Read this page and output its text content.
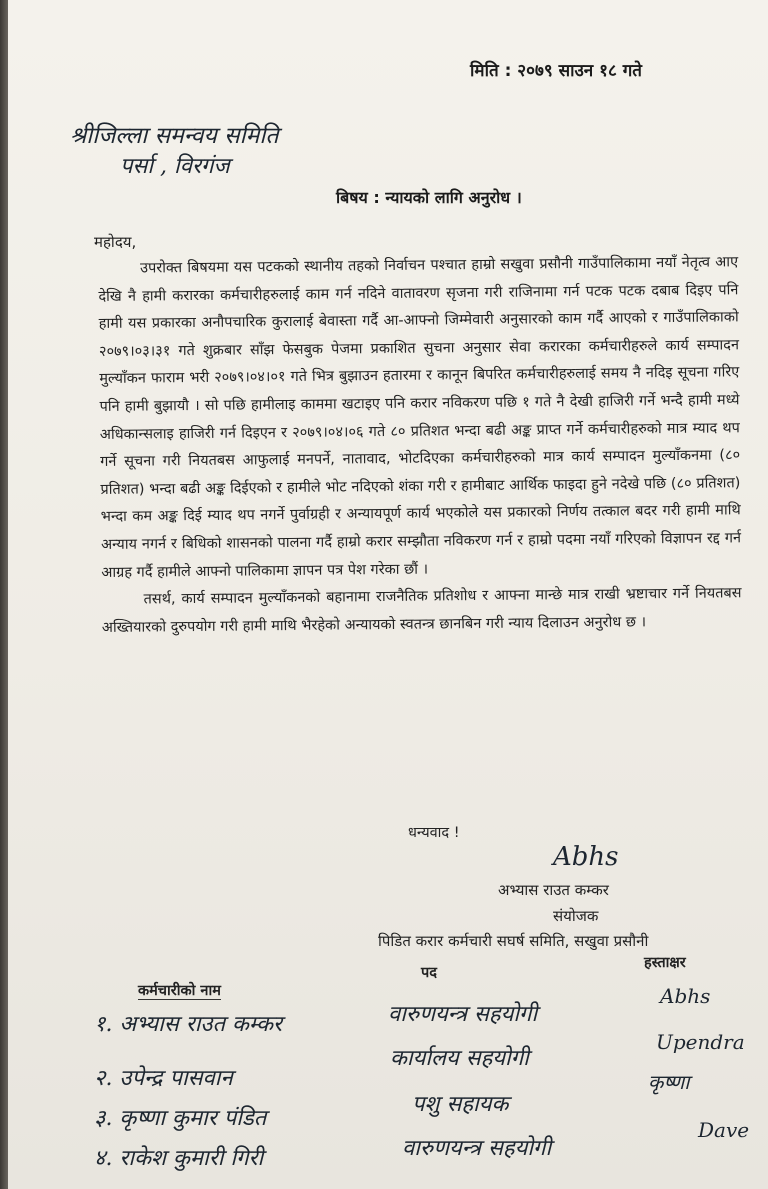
मिति : २०७९ साउन १८ गते
श्रीजिल्ला समन्वय समिति
पर्सा , विरगंज
बिषय : न्यायको लागि अनुरोध ।
महोदय,

उपरोक्त बिषयमा यस पटकको स्थानीय तहको निर्वाचन पश्चात हाम्रो सखुवा प्रसौनी गाउँपालिकामा नयाँ नेतृत्व आए देखि नै हामी करारका कर्मचारीहरुलाई काम गर्न नदिने वातावरण सृजना गरी राजिनामा गर्न पटक पटक दबाब दिइए पनि हामी यस प्रकारका अनौपचारिक कुरालाई बेवास्ता गर्दै आ-आफ्नो जिम्मेवारी अनुसारको काम गर्दै आएको र गाउँपालिकाको २०७९।०३।३१ गते शुक्रबार साँझ फेसबुक पेजमा प्रकाशित सुचना अनुसार सेवा करारका कर्मचारीहरुले कार्य सम्पादन मुल्याँकन फाराम भरी २०७९।०४।०१ गते भित्र बुझाउन हतारमा र कानून बिपरित कर्मचारीहरुलाई समय नै नदिइ सूचना गरिए पनि हामी बुझायौ । सो पछि हामीलाइ काममा खटाइए पनि करार नविकरण पछि १ गते नै देखी हाजिरी गर्ने भन्दै हामी मध्ये अधिकान्सलाइ हाजिरी गर्न दिइएन र २०७९।०४।०६ गते ८० प्रतिशत भन्दा बढी अङ्क प्राप्त गर्ने कर्मचारीहरुको मात्र म्याद थप गर्ने सूचना गरी नियतबस आफुलाई मनपर्ने, नातावाद, भोटदिएका कर्मचारीहरुको मात्र कार्य सम्पादन मुल्याँकनमा (८० प्रतिशत) भन्दा बढी अङ्क दिईएको र हामीले भोट नदिएको शंका गरी र हामीबाट आर्थिक फाइदा हुने नदेखे पछि (८० प्रतिशत) भन्दा कम अङ्क दिई म्याद थप नगर्ने पुर्वाग्रही र अन्यायपूर्ण कार्य भएकोले यस प्रकारको निर्णय तत्काल बदर गरी हामी माथि अन्याय नगर्न र बिधिको शासनको पालना गर्दै हाम्रो करार सम्झौता नविकरण गर्न र हाम्रो पदमा नयाँ गरिएको विज्ञापन रद्द गर्न आग्रह गर्दै हामीले आफ्नो पालिकामा ज्ञापन पत्र पेश गरेका छौं ।

तसर्थ, कार्य सम्पादन मुल्याँकनको बहानामा राजनैतिक प्रतिशोध र आफ्ना मान्छे मात्र राखी भ्रष्टाचार गर्ने नियतबस अख्तियारको दुरुपयोग गरी हामी माथि भैरहेको अन्यायको स्वतन्त्र छानबिन गरी न्याय दिलाउन अनुरोध छ ।

धन्यवाद !
Abhs
अभ्यास राउत कम्कर
संयोजक
पिडित करार कर्मचारी सघर्ष समिति, सखुवा प्रसौनी
कर्मचारीको नाम
पद
हस्ताक्षर
१. अभ्यास राउत कम्कर	वारुणयन्त्र सहयोगी
Abhs
२. उपेन्द्र पासवान
कार्यालय सहयोगी
Upendra
३. कृष्णा कुमार पंडित
पशु सहायक
कृष्णा
४. राकेश कुमारी गिरी	वारुणयन्त्र सहयोगी
Dave
